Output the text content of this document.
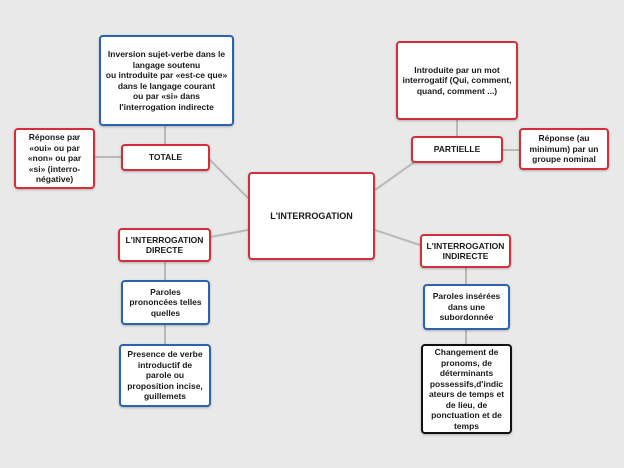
L'INTERROGATION
Inversion sujet-verbe dans le langage soutenu
ou introduite par «est-ce que» dans le langage courant
ou par «si» dans l'interrogation indirecte
TOTALE
Réponse par «oui» ou par «non» ou par «si» (interro-négative)
Introduite par un mot interrogatif (Qui, comment, quand, comment ...)
PARTIELLE
Réponse (au minimum) par un groupe nominal
L'INTERROGATION DIRECTE
Paroles prononcées telles quelles
Presence de verbe introductif de parole ou proposition incise, guillemets
L'INTERROGATION INDIRECTE
Paroles insérées dans une subordonnée
Changement de pronoms, de déterminants possessifs,d'indic ateurs de temps et de lieu, de ponctuation et de temps
